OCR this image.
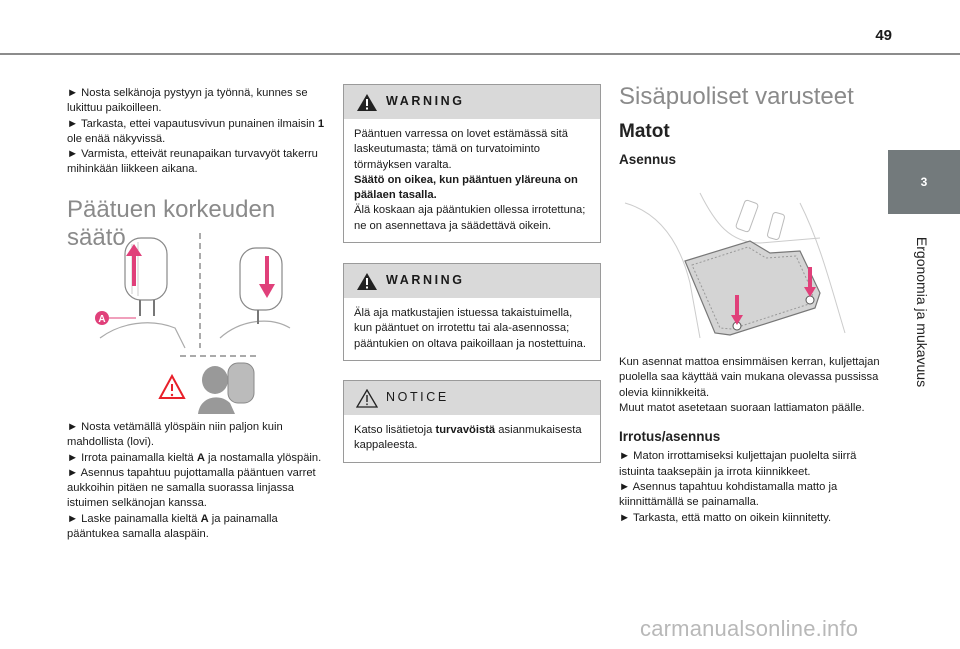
49
3
Ergonomia ja mukavuus

► Nosta selkänoja pystyyn ja työnnä, kunnes se lukittuu paikoilleen.

► Tarkasta, ettei vapautusvivun punainen ilmaisin 1 ole enää näkyvissä.

► Varmista, etteivät reunapaikan turvavyöt takerru mihinkään liikkeen aikana.

Päätuen korkeuden säätö
A

► Nosta vetämällä ylöspäin niin paljon kuin mahdollista (lovi).

► Irrota painamalla kieltä A ja nostamalla ylöspäin.

► Asennus tapahtuu pujottamalla pääntuen varret aukkoihin pitäen ne samalla suorassa linjassa istuimen selkänojan kanssa.

► Laske painamalla kieltä A ja painamalla pääntukea samalla alaspäin.

WARNING

Pääntuen varressa on lovet estämässä sitä laskeutumasta; tämä on turvatoiminto törmäyksen varalta.

Säätö on oikea, kun pääntuen yläreuna on päälaen tasalla.

Älä koskaan aja pääntukien ollessa irrotettuna; ne on asennettava ja säädettävä oikein.

WARNING

Älä aja matkustajien istuessa takaistuimella, kun pääntuet on irrotettu tai ala-asennossa; pääntukien on oltava paikoillaan ja nostettuina.

NOTICE

Katso lisätietoja turvavöistä asianmukaisesta kappaleesta.

Sisäpuoliset varusteet
Matot
Asennus

Kun asennat mattoa ensimmäisen kerran, kuljettajan puolella saa käyttää vain mukana olevassa pussissa olevia kiinnikkeitä.
Muut matot asetetaan suoraan lattiamaton päälle.

Irrotus/asennus

► Maton irrottamiseksi kuljettajan puolelta siirrä istuinta taaksepäin ja irrota kiinnikkeet.

► Asennus tapahtuu kohdistamalla matto ja kiinnittämällä se painamalla.

► Tarkasta, että matto on oikein kiinnitetty.

carmanualsonline.info
